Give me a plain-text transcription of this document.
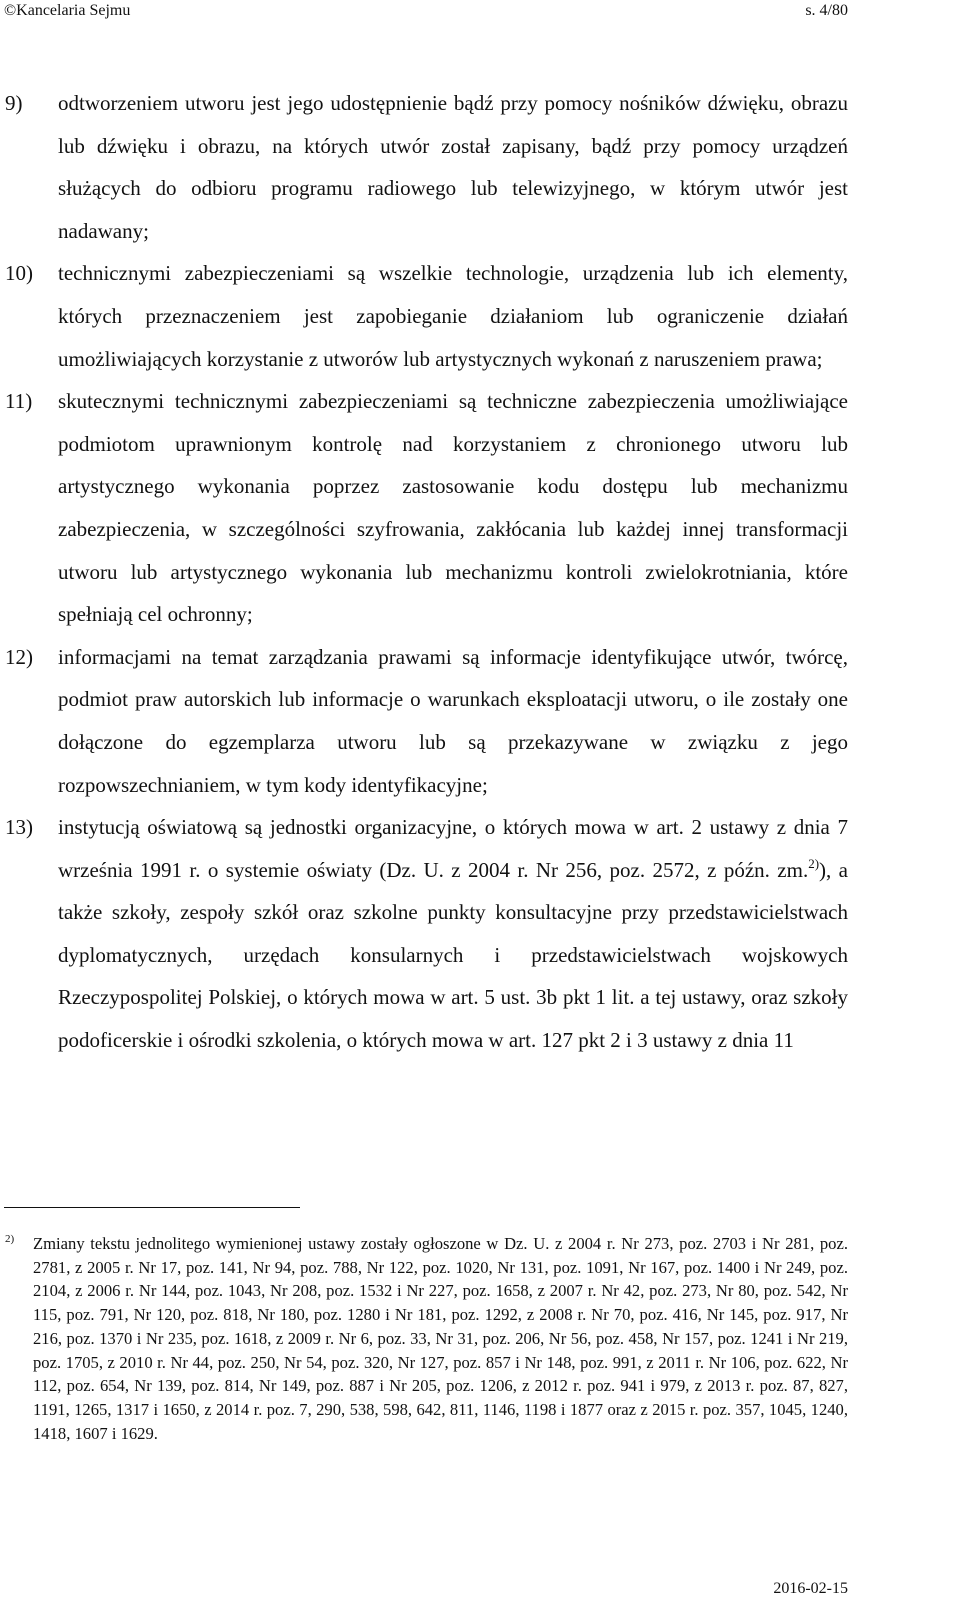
©Kancelaria Sejmu	s. 4/80
9) odtworzeniem utworu jest jego udostępnienie bądź przy pomocy nośników dźwięku, obrazu lub dźwięku i obrazu, na których utwór został zapisany, bądź przy pomocy urządzeń służących do odbioru programu radiowego lub telewizyjnego, w którym utwór jest nadawany;
10) technicznymi zabezpieczeniami są wszelkie technologie, urządzenia lub ich elementy, których przeznaczeniem jest zapobieganie działaniom lub ograniczenie działań umożliwiających korzystanie z utworów lub artystycznych wykonań z naruszeniem prawa;
11) skutecznymi technicznymi zabezpieczeniami są techniczne zabezpieczenia umożliwiające podmiotom uprawnionym kontrolę nad korzystaniem z chronionego utworu lub artystycznego wykonania poprzez zastosowanie kodu dostępu lub mechanizmu zabezpieczenia, w szczególności szyfrowania, zakłócania lub każdej innej transformacji utworu lub artystycznego wykonania lub mechanizmu kontroli zwielokrotniania, które spełniają cel ochronny;
12) informacjami na temat zarządzania prawami są informacje identyfikujące utwór, twórcę, podmiot praw autorskich lub informacje o warunkach eksploatacji utworu, o ile zostały one dołączone do egzemplarza utworu lub są przekazywane w związku z jego rozpowszechnianiem, w tym kody identyfikacyjne;
13) instytucją oświatową są jednostki organizacyjne, o których mowa w art. 2 ustawy z dnia 7 września 1991 r. o systemie oświaty (Dz. U. z 2004 r. Nr 256, poz. 2572, z późn. zm.$^{2)}$), a także szkoły, zespoły szkół oraz szkolne punkty konsultacyjne przy przedstawicielstwach dyplomatycznych, urzędach konsularnych i przedstawicielstwach wojskowych Rzeczypospolitej Polskiej, o których mowa w art. 5 ust. 3b pkt 1 lit. a tej ustawy, oraz szkoły podoficerskie i ośrodki szkolenia, o których mowa w art. 127 pkt 2 i 3 ustawy z dnia 11
2) Zmiany tekstu jednolitego wymienionej ustawy zostały ogłoszone w Dz. U. z 2004 r. Nr 273, poz. 2703 i Nr 281, poz. 2781, z 2005 r. Nr 17, poz. 141, Nr 94, poz. 788, Nr 122, poz. 1020, Nr 131, poz. 1091, Nr 167, poz. 1400 i Nr 249, poz. 2104, z 2006 r. Nr 144, poz. 1043, Nr 208, poz. 1532 i Nr 227, poz. 1658, z 2007 r. Nr 42, poz. 273, Nr 80, poz. 542, Nr 115, poz. 791, Nr 120, poz. 818, Nr 180, poz. 1280 i Nr 181, poz. 1292, z 2008 r. Nr 70, poz. 416, Nr 145, poz. 917, Nr 216, poz. 1370 i Nr 235, poz. 1618, z 2009 r. Nr 6, poz. 33, Nr 31, poz. 206, Nr 56, poz. 458, Nr 157, poz. 1241 i Nr 219, poz. 1705, z 2010 r. Nr 44, poz. 250, Nr 54, poz. 320, Nr 127, poz. 857 i Nr 148, poz. 991, z 2011 r. Nr 106, poz. 622, Nr 112, poz. 654, Nr 139, poz. 814, Nr 149, poz. 887 i Nr 205, poz. 1206, z 2012 r. poz. 941 i 979, z 2013 r. poz. 87, 827, 1191, 1265, 1317 i 1650, z 2014 r. poz. 7, 290, 538, 598, 642, 811, 1146, 1198 i 1877 oraz z 2015 r. poz. 357, 1045, 1240, 1418, 1607 i 1629.
2016-02-15
